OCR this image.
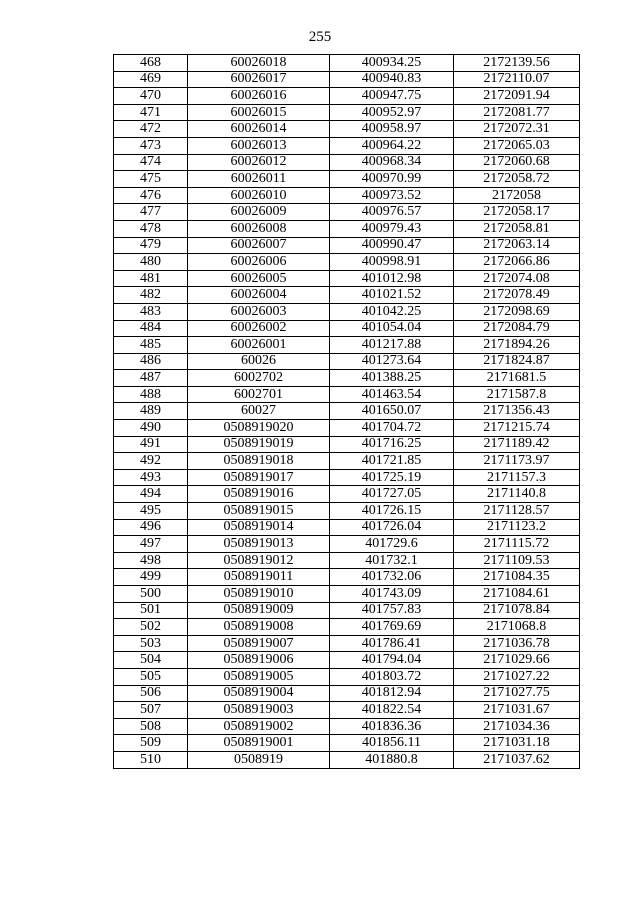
255
468	60026018	400934.25	2172139.56
469	60026017	400940.83	2172110.07
470	60026016	400947.75	2172091.94
471	60026015	400952.97	2172081.77
472	60026014	400958.97	2172072.31
473	60026013	400964.22	2172065.03
474	60026012	400968.34	2172060.68
475	60026011	400970.99	2172058.72
476	60026010	400973.52	2172058
477	60026009	400976.57	2172058.17
478	60026008	400979.43	2172058.81
479	60026007	400990.47	2172063.14
480	60026006	400998.91	2172066.86
481	60026005	401012.98	2172074.08
482	60026004	401021.52	2172078.49
483	60026003	401042.25	2172098.69
484	60026002	401054.04	2172084.79
485	60026001	401217.88	2171894.26
486	60026	401273.64	2171824.87
487	6002702	401388.25	2171681.5
488	6002701	401463.54	2171587.8
489	60027	401650.07	2171356.43
490	0508919020	401704.72	2171215.74
491	0508919019	401716.25	2171189.42
492	0508919018	401721.85	2171173.97
493	0508919017	401725.19	2171157.3
494	0508919016	401727.05	2171140.8
495	0508919015	401726.15	2171128.57
496	0508919014	401726.04	2171123.2
497	0508919013	401729.6	2171115.72
498	0508919012	401732.1	2171109.53
499	0508919011	401732.06	2171084.35
500	0508919010	401743.09	2171084.61
501	0508919009	401757.83	2171078.84
502	0508919008	401769.69	2171068.8
503	0508919007	401786.41	2171036.78
504	0508919006	401794.04	2171029.66
505	0508919005	401803.72	2171027.22
506	0508919004	401812.94	2171027.75
507	0508919003	401822.54	2171031.67
508	0508919002	401836.36	2171034.36
509	0508919001	401856.11	2171031.18
510	0508919	401880.8	2171037.62
